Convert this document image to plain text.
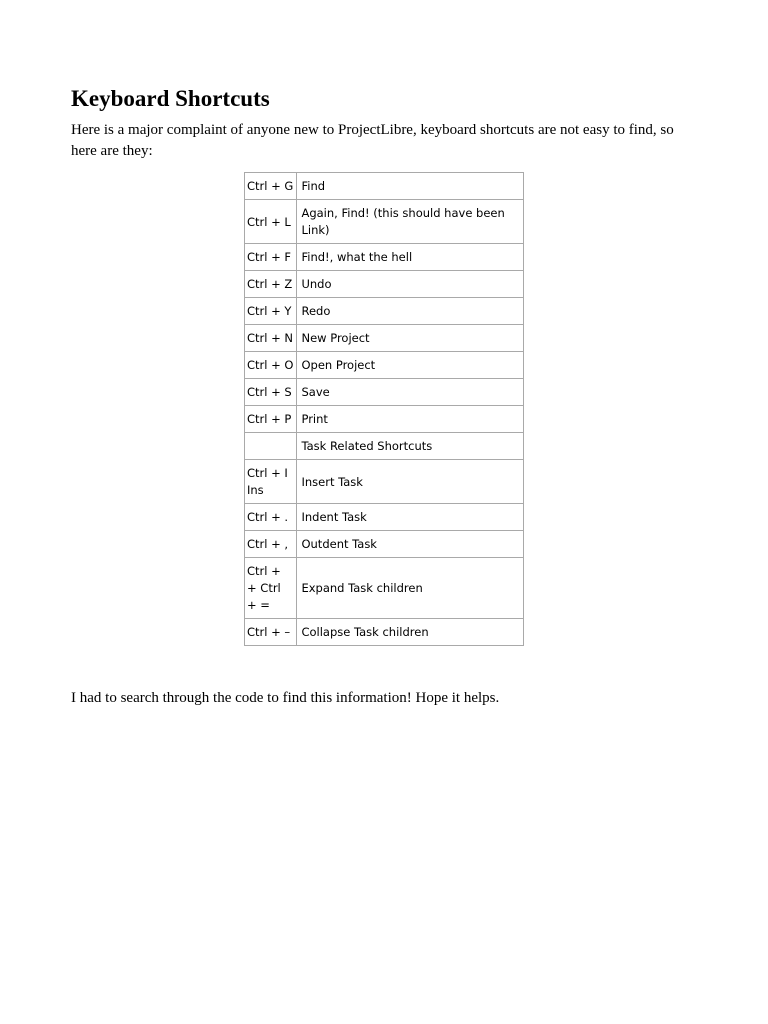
Keyboard Shortcuts

Here is a major complaint of anyone new to ProjectLibre, keyboard shortcuts are not easy to find, so here are they:

Ctrl + G	Find
Ctrl + L	Again, Find! (this should have been Link)
Ctrl + F	Find!, what the hell
Ctrl + Z	Undo
Ctrl + Y	Redo
Ctrl + N	New Project
Ctrl + O	Open Project
Ctrl + S	Save
Ctrl + P	Print
	Task Related Shortcuts
Ctrl + I Ins	Insert Task
Ctrl + .	Indent Task
Ctrl + ,	Outdent Task
Ctrl + + Ctrl + =	Expand Task children
Ctrl + –	Collapse Task children

I had to search through the code to find this information! Hope it helps.
